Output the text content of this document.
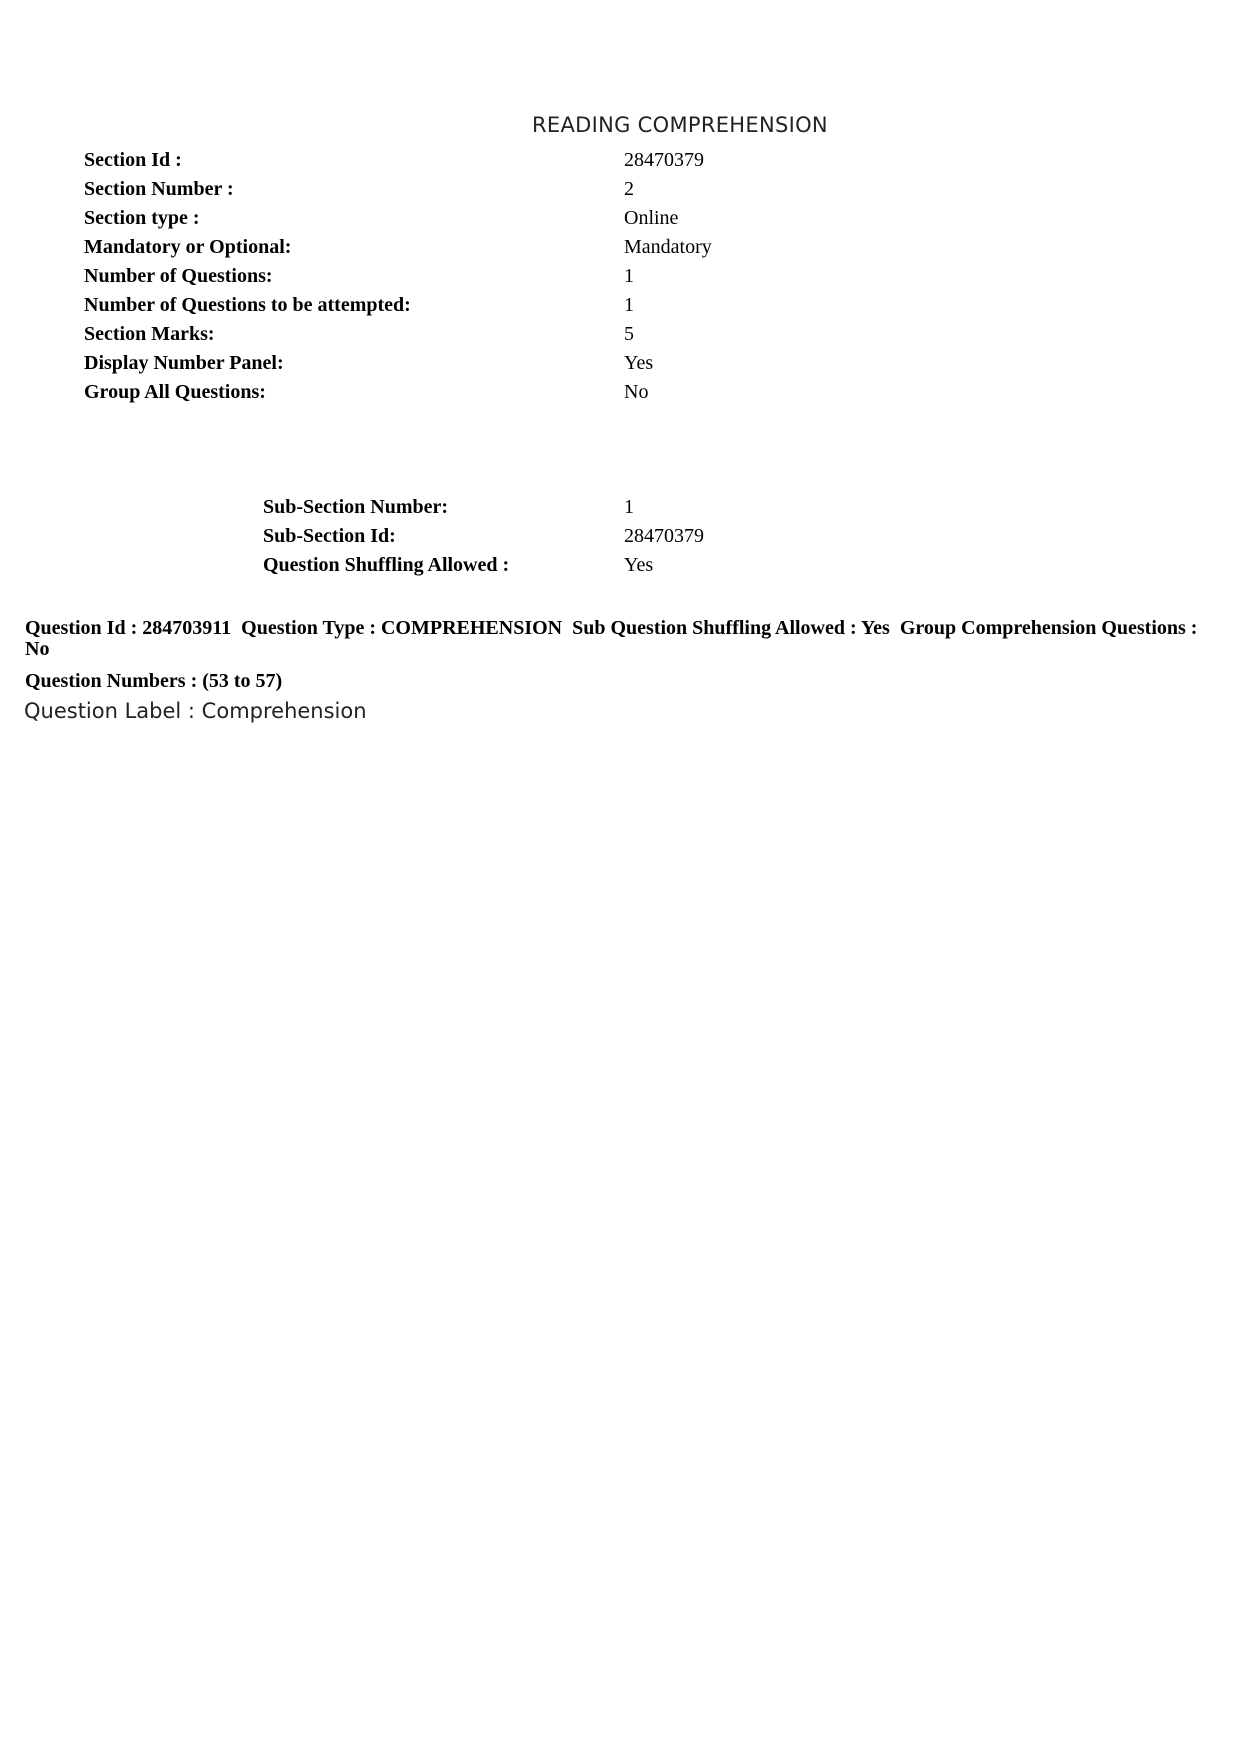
READING COMPREHENSION
Section Id :	28470379
Section Number :	2
Section type :	Online
Mandatory or Optional:	Mandatory
Number of Questions:	1
Number of Questions to be attempted:	1
Section Marks:	5
Display Number Panel:	Yes
Group All Questions:	No
Sub-Section Number:	1
Sub-Section Id:	28470379
Question Shuffling Allowed :	Yes

Question Id : 284703911 Question Type : COMPREHENSION Sub Question Shuffling Allowed : Yes Group Comprehension Questions : No

Question Numbers : (53 to 57)

Question Label : Comprehension
